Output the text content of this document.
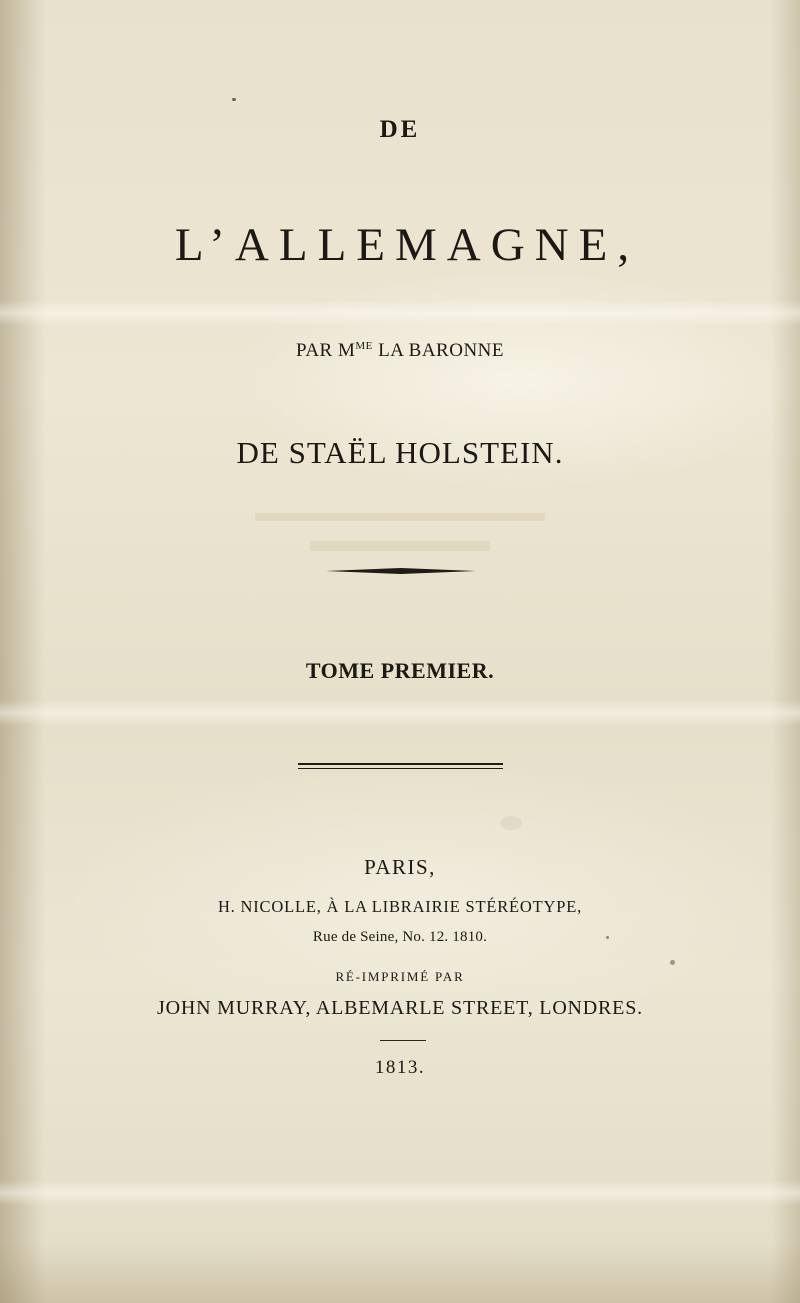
DE

L’ALLEMAGNE,

PAR $M^{ME}$ LA BARONNE

DE STAËL HOLSTEIN.

TOME PREMIER.

PARIS,

H. NICOLLE, À LA LIBRAIRIE STÉRÉOTYPE,

Rue de Seine, No. 12. 1810.

RÉ-IMPRIMÉ PAR

JOHN MURRAY, ALBEMARLE STREET, LONDRES.

1813.
